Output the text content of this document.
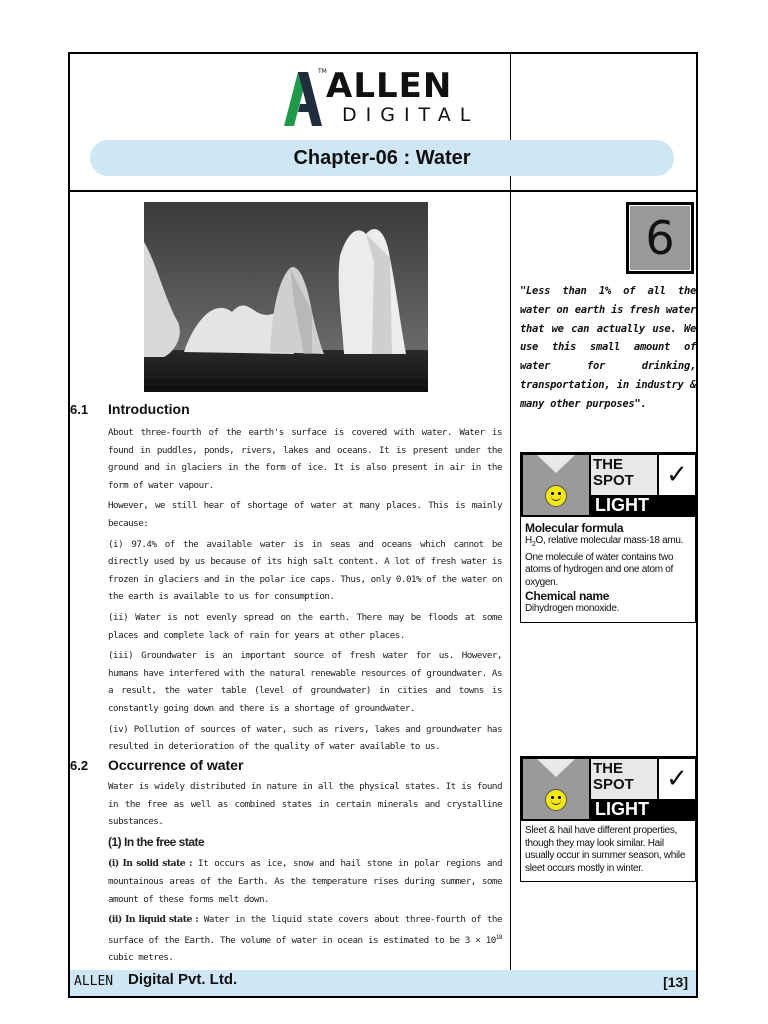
TM ALLEN
DIGITAL
Chapter-06 : Water
6.1 Introduction

About three-fourth of the earth's surface is covered with water. Water is found in puddles, ponds, rivers, lakes and oceans. It is present under the ground and in glaciers in the form of ice. It is also present in air in the form of water vapour.

However, we still hear of shortage of water at many places. This is mainly because:

(i) 97.4% of the available water is in seas and oceans which cannot be directly used by us because of its high salt content. A lot of fresh water is frozen in glaciers and in the polar ice caps. Thus, only 0.01% of the water on the earth is available to us for consumption.

(ii) Water is not evenly spread on the earth. There may be floods at some places and complete lack of rain for years at other places.

(iii) Groundwater is an important source of fresh water for us. However, humans have interfered with the natural renewable resources of groundwater. As a result, the water table (level of groundwater) in cities and towns is constantly going down and there is a shortage of groundwater.

(iv) Pollution of sources of water, such as rivers, lakes and groundwater has resulted in deterioration of the quality of water available to us.

6.2 Occurrence of water

Water is widely distributed in nature in all the physical states. It is found in the free as well as combined states in certain minerals and crystalline substances.

(1) In the free state

(i) In solid state : It occurs as ice, snow and hail stone in polar regions and mountainous areas of the Earth. As the temperature rises during summer, some amount of these forms melt down.

(ii) In liquid state : Water in the liquid state covers about three-fourth of the surface of the Earth. The volume of water in ocean is estimated to be $3 \times 10^{18}$ cubic metres.

6
"Less than 1% of all the water on earth is fresh water that we can actually use. We use this small amount of water for drinking, transportation, in industry & many other purposes".
THE
SPOT	✓
LIGHT
Molecular formula

$H_2O$, relative molecular mass-18 amu. One molecule of water contains two atoms of hydrogen and one atom of oxygen.

Chemical name

Dihydrogen monoxide.

THE
SPOT	✓
LIGHT

Sleet & hail have different properties, though they may look similar. Hail usually occur in summer season, while sleet occurs mostly in winter.

ALLEN Digital Pvt. Ltd.	[13]
